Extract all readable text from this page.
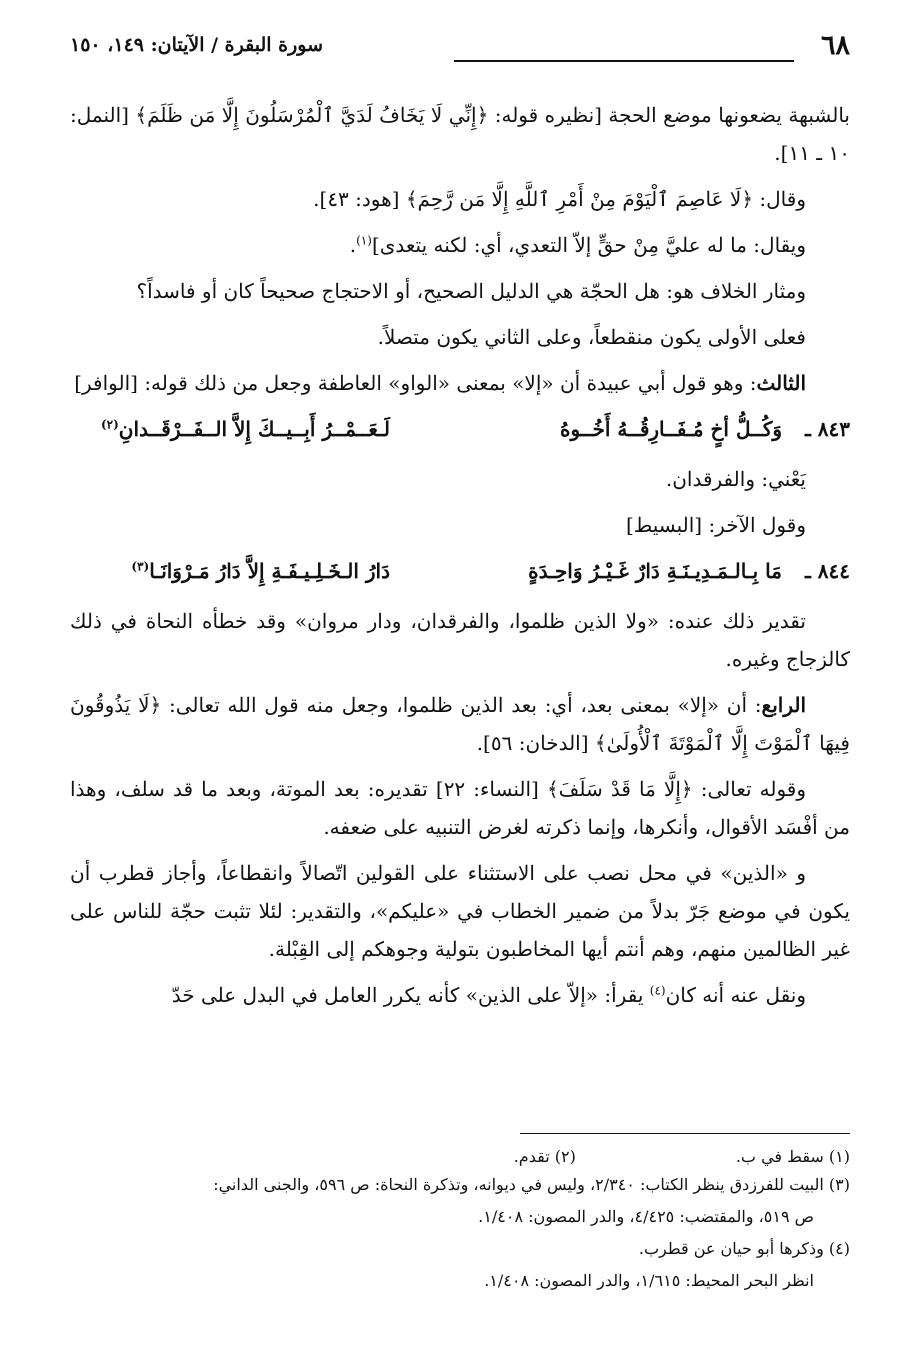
٦٨
سورة البقرة / الآيتان: ١٤٩، ١٥٠

بالشبهة يضعونها موضع الحجة [نظيره قوله: ﴿إِنِّي لَا يَخَافُ لَدَيَّ ٱلْمُرْسَلُونَ إِلَّا مَن ظَلَمَ﴾ [النمل: ١٠ ـ ١١].

وقال: ﴿لَا عَاصِمَ ٱلْيَوْمَ مِنْ أَمْرِ ٱللَّهِ إِلَّا مَن رَّحِمَ﴾ [هود: ٤٣].

ويقال: ما له عليَّ مِنْ حقٍّ إلاّ التعدي، أي: لكنه يتعدى]$^{(١)}$.

ومثار الخلاف هو: هل الحجّة هي الدليل الصحيح، أو الاحتجاج صحيحاً كان أو فاسداً؟

فعلى الأولى يكون منقطعاً، وعلى الثاني يكون متصلاً.

الثالث: وهو قول أبي عبيدة أن «إلا» بمعنى «الواو» العاطفة وجعل من ذلك قوله: [الوافر]

٨٤٣ ـ
وَكُــلُّ أخٍ مُـفَــارِقُــهُ أَخُــوهُ
لَـعَــمْــرُ أَبِــيــكَ إِلاَّ الــفَــرْقَــدانِ$^{(٢)}$

يَعْني: والفرقدان.

وقول الآخر: [البسيط]

٨٤٤ ـ
مَا بِـالـمَـدِيـنَـةِ دَارٌ غَـيْـرُ وَاحِـدَةٍ
دَارُ الـخَـلِـيـفَـةِ إِلاَّ دَارُ مَـرْوَانَـا$^{(٣)}$

تقدير ذلك عنده: «ولا الذين ظلموا، والفرقدان، ودار مروان» وقد خطأه النحاة في ذلك كالزجاج وغيره.

الرابع: أن «إلا» بمعنى بعد، أي: بعد الذين ظلموا، وجعل منه قول الله تعالى: ﴿لَا يَذُوقُونَ فِيهَا ٱلْمَوْتَ إِلَّا ٱلْمَوْتَةَ ٱلْأُولَىٰ﴾ [الدخان: ٥٦].

وقوله تعالى: ﴿إِلَّا مَا قَدْ سَلَفَ﴾ [النساء: ٢٢] تقديره: بعد الموتة، وبعد ما قد سلف، وهذا من أفْسَد الأقوال، وأنكرها، وإنما ذكرته لغرض التنبيه على ضعفه.

و «الذين» في محل نصب على الاستثناء على القولين اتّصالاً وانقطاعاً، وأجاز قطرب أن يكون في موضع جَرّ بدلاً من ضمير الخطاب في «عليكم»، والتقدير: لئلا تثبت حجّة للناس على غير الظالمين منهم، وهم أنتم أيها المخاطبون بتولية وجوهكم إلى القِبْلة.

ونقل عنه أنه كان$^{(٤)}$ يقرأ: «إلاّ على الذين» كأنه يكرر العامل في البدل على حَدّ

(١) سقط في ب.
(٢) تقدم.

(٣) البيت للفرزدق ينظر الكتاب: ٢/٣٤٠، وليس في ديوانه، وتذكرة النحاة: ص ٥٩٦، والجنى الداني:

ص ٥١٩، والمقتضب: ٤/٤٢٥، والدر المصون: ١/٤٠٨.

(٤) وذكرها أبو حيان عن قطرب.

انظر البحر المحيط: ١/٦١٥، والدر المصون: ١/٤٠٨.
